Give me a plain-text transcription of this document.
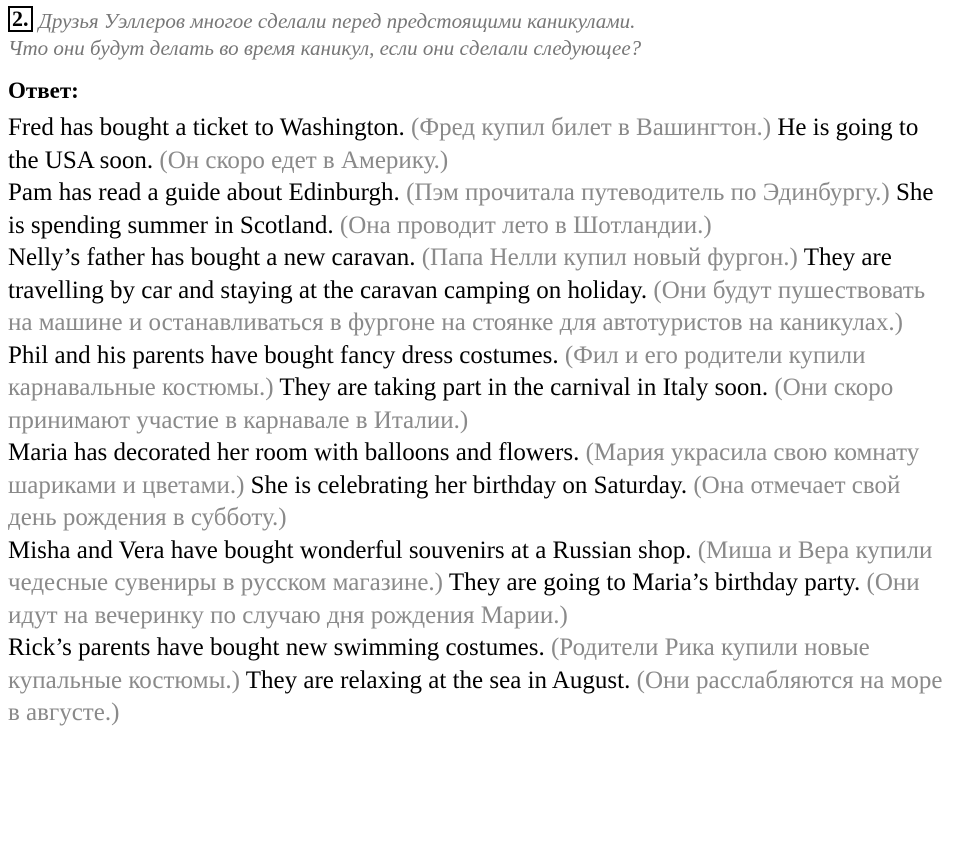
2. Друзья Уэллеров многое сделали перед предстоящими каникулами.
Что они будут делать во время каникул, если они сделали следующее?
Ответ:

Fred has bought a ticket to Washington. (Фред купил билет в Вашингтон.) He is going to the USA soon. (Он скоро едет в Америку.)

Pam has read a guide about Edinburgh. (Пэм прочитала путеводитель по Эдинбургу.) She is spending summer in Scotland. (Она проводит лето в Шотландии.)

Nelly’s father has bought a new caravan. (Папа Нелли купил новый фургон.) They are travelling by car and staying at the caravan camping on holiday. (Они будут пушествовать на машине и останавливаться в фургоне на стоянке для автотуристов на каникулах.)

Phil and his parents have bought fancy dress costumes. (Фил и его родители купили карнавальные костюмы.) They are taking part in the carnival in Italy soon. (Они скоро принимают участие в карнавале в Италии.)

Maria has decorated her room with balloons and flowers. (Мария украсила свою комнату шариками и цветами.) She is celebrating her birthday on Saturday. (Она отмечает свой день рождения в субботу.)

Misha and Vera have bought wonderful souvenirs at a Russian shop. (Миша и Вера купили чедесные сувениры в русском магазине.) They are going to Maria’s birthday party. (Они идут на вечеринку по случаю дня рождения Марии.)

Rick’s parents have bought new swimming costumes. (Родители Рика купили новые купальные костюмы.) They are relaxing at the sea in August. (Они расслабляются на море в августе.)
